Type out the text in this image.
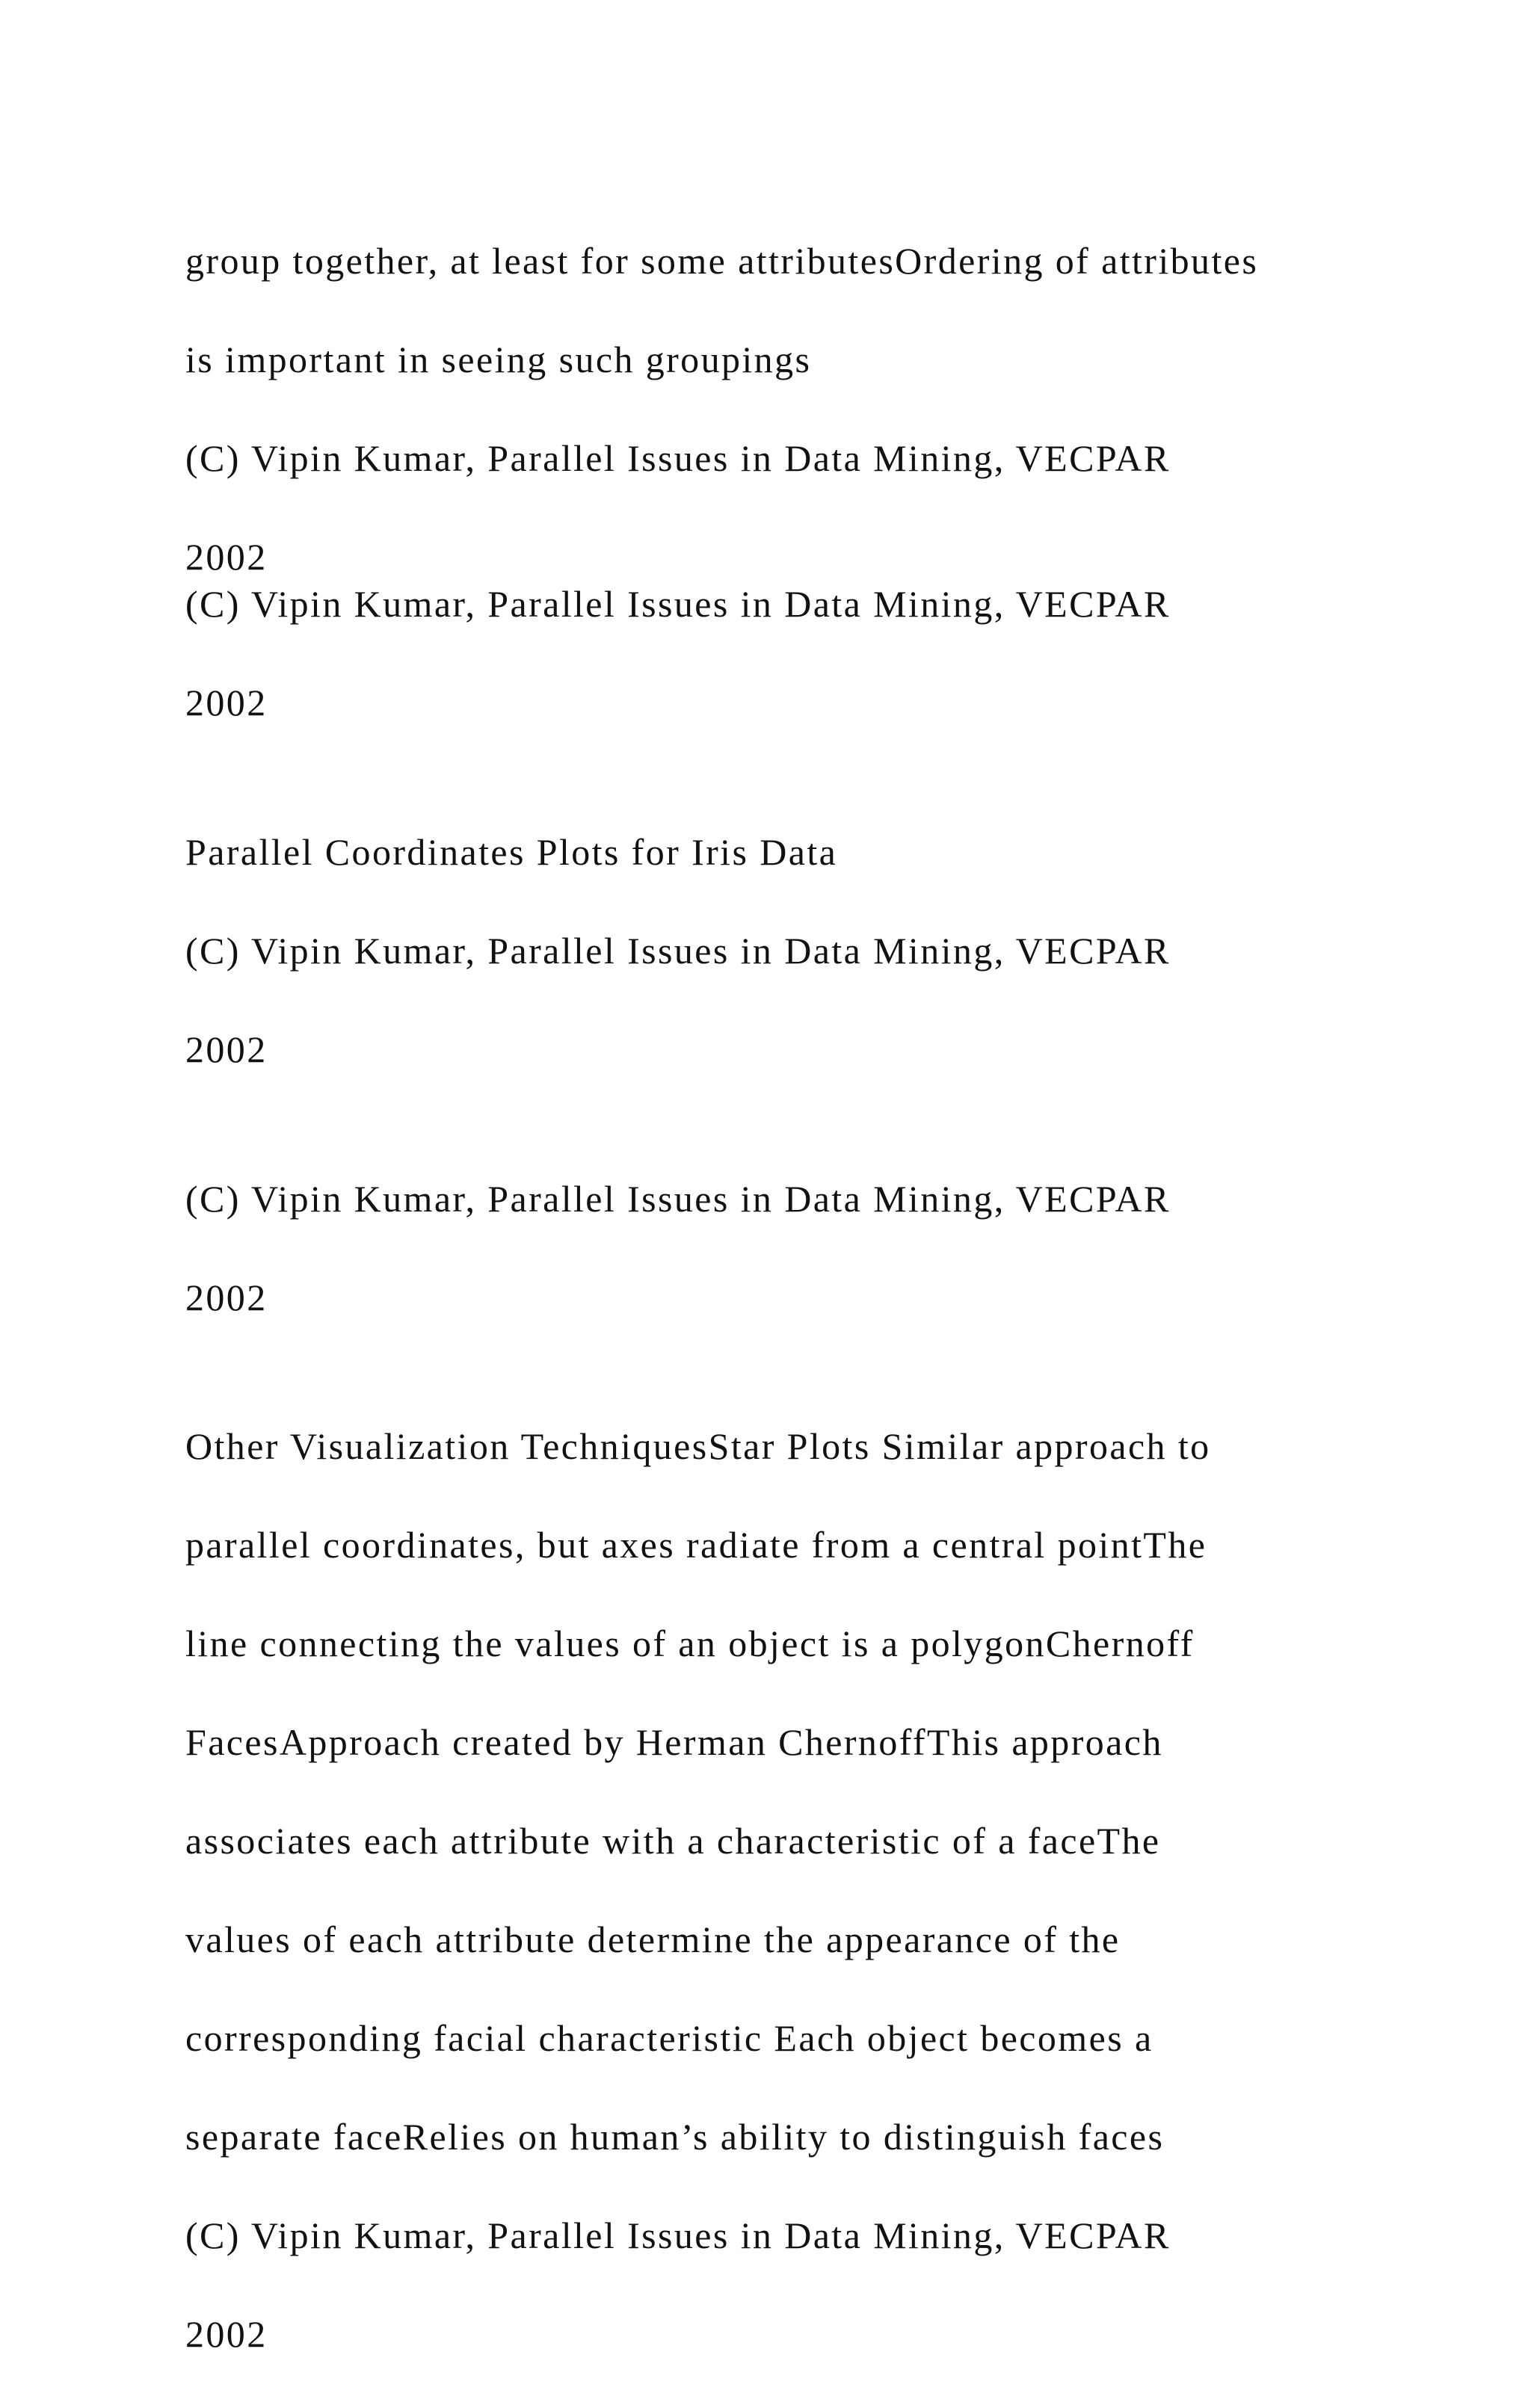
group together, at least for some attributesOrdering of attributes

is important in seeing such groupings

(C) Vipin Kumar, Parallel Issues in Data Mining, VECPAR

2002

(C) Vipin Kumar, Parallel Issues in Data Mining, VECPAR

2002

Parallel Coordinates Plots for Iris Data

(C) Vipin Kumar, Parallel Issues in Data Mining, VECPAR

2002

(C) Vipin Kumar, Parallel Issues in Data Mining, VECPAR

2002

Other Visualization TechniquesStar Plots Similar approach to

parallel coordinates, but axes radiate from a central pointThe

line connecting the values of an object is a polygonChernoff

FacesApproach created by Herman ChernoffThis approach

associates each attribute with a characteristic of a faceThe

values of each attribute determine the appearance of the

corresponding facial characteristic Each object becomes a

separate faceRelies on human’s ability to distinguish faces

(C) Vipin Kumar, Parallel Issues in Data Mining, VECPAR

2002
